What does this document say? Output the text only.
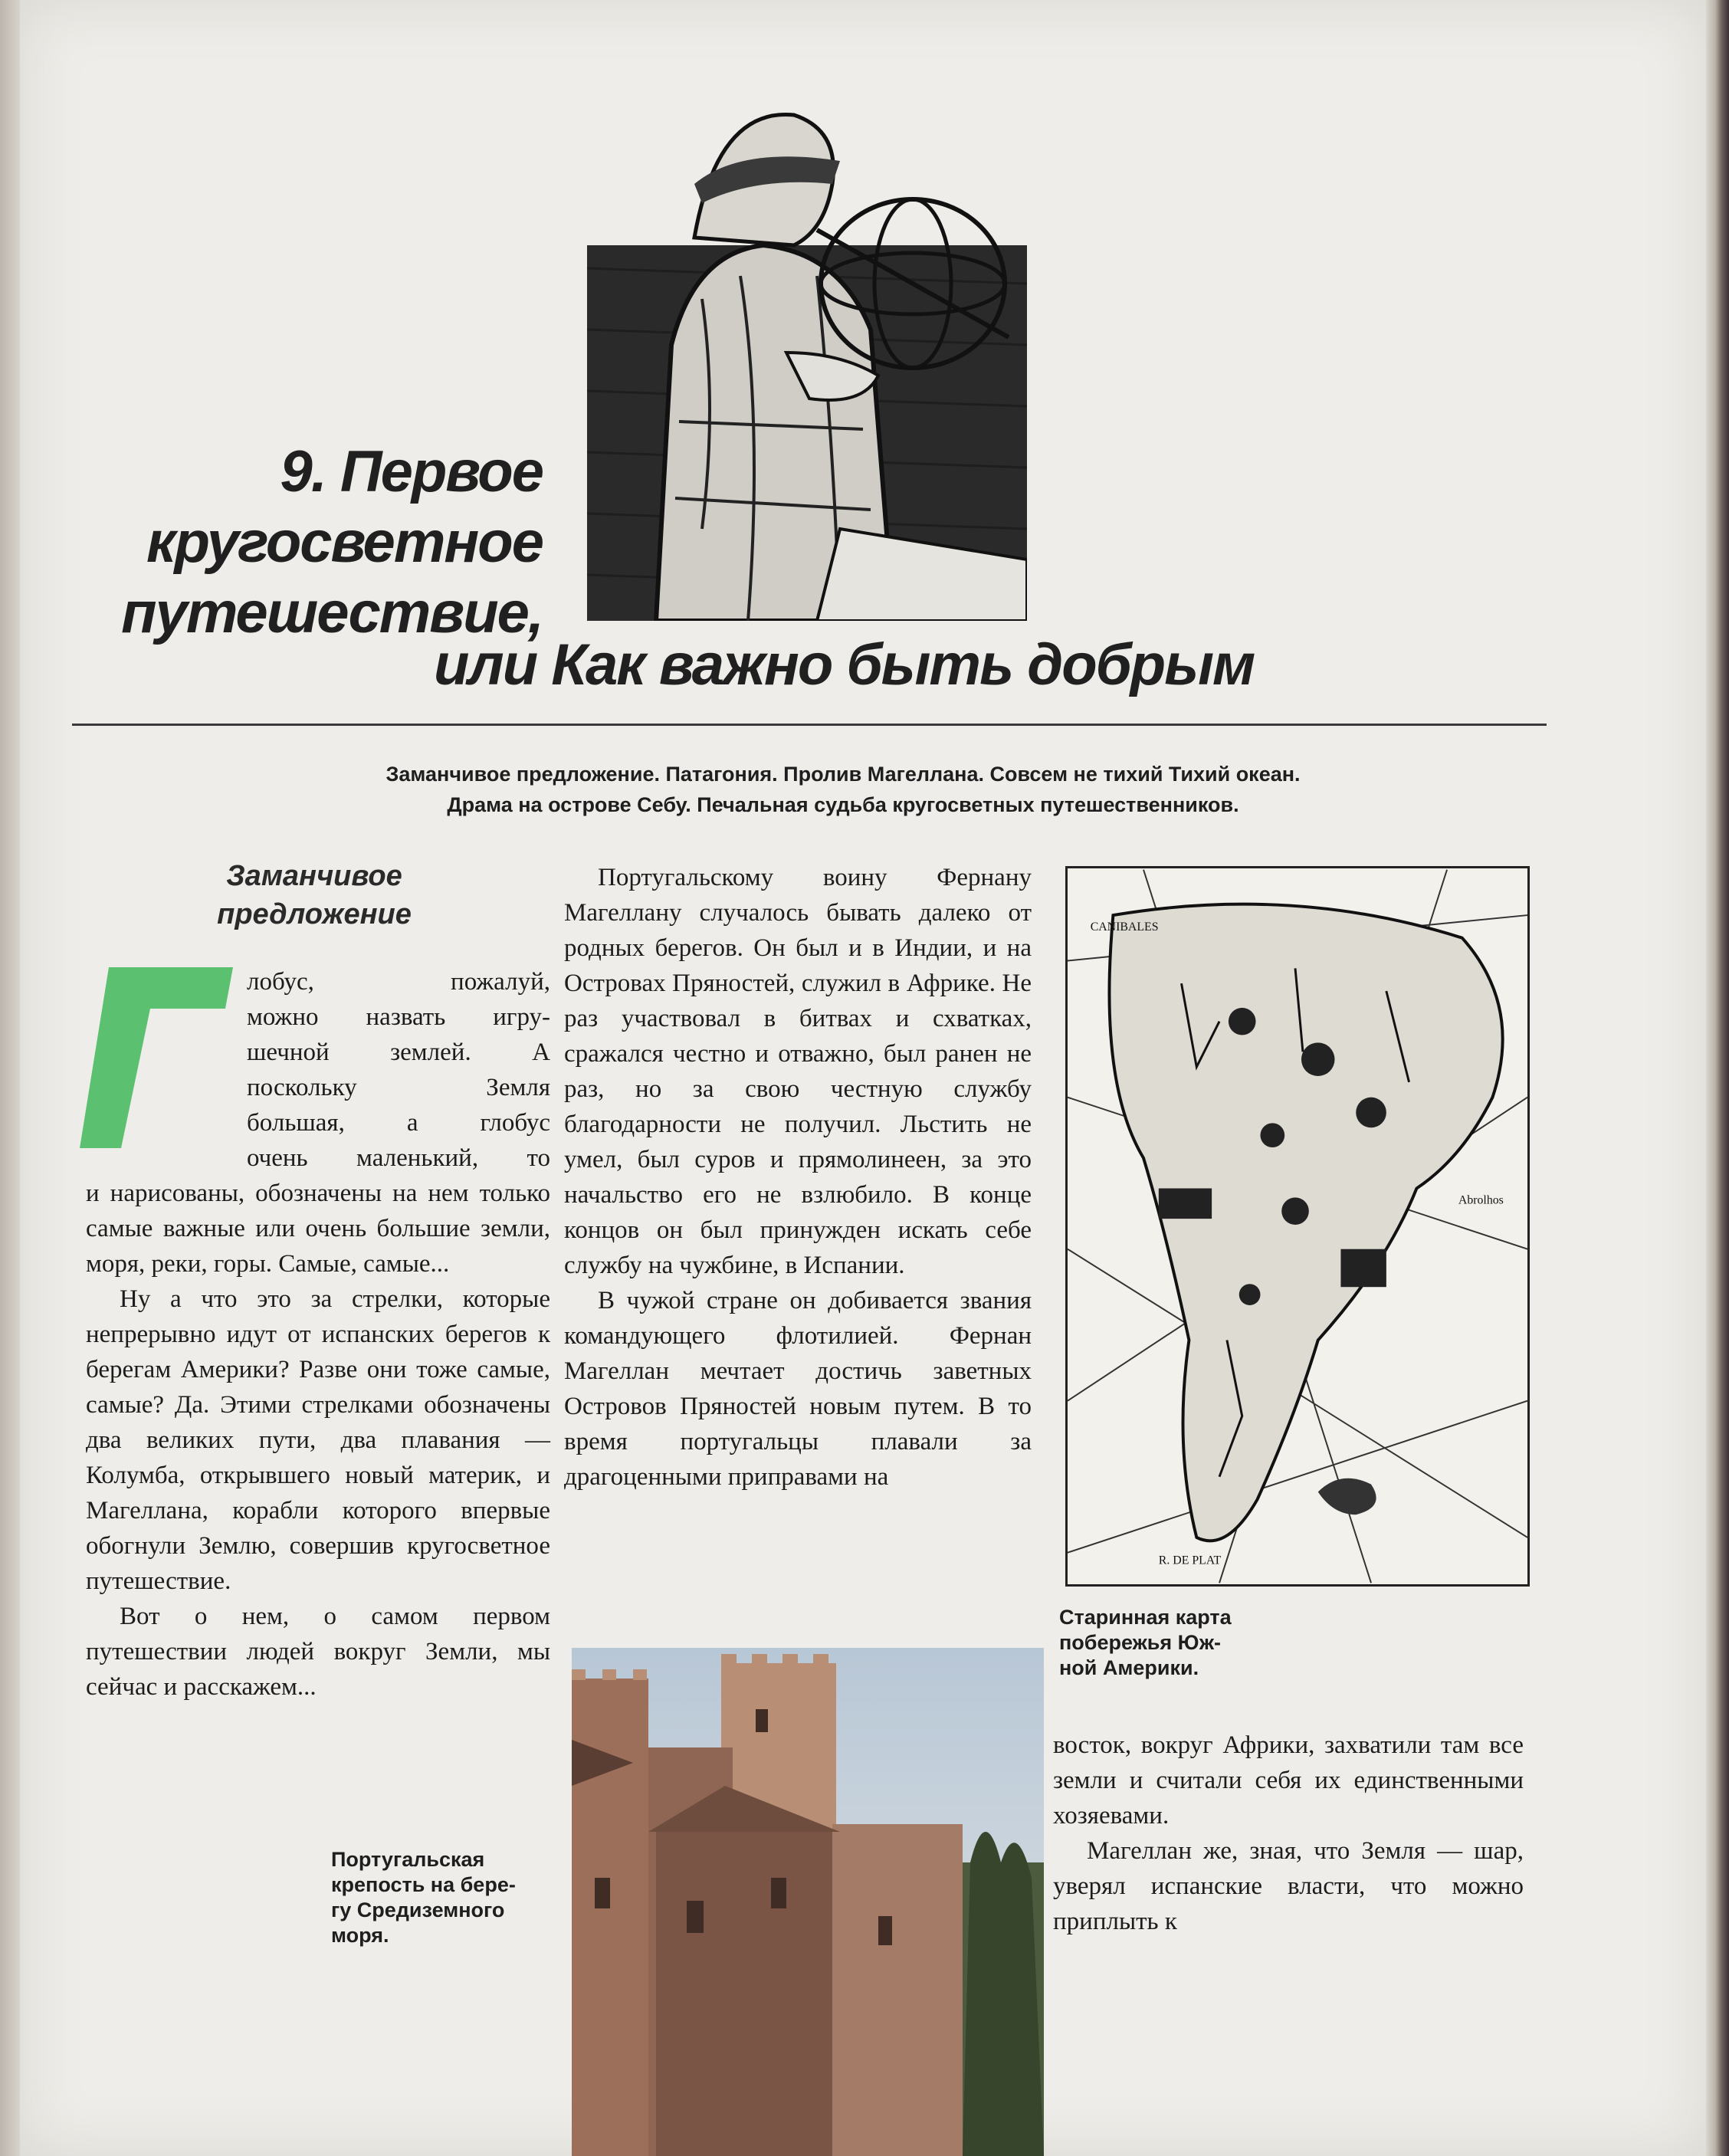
9. Первое
кругосветное
путешествие,
или Как важно быть добрым
Заманчивое предложение. Патагония. Пролив Магеллана. Совсем не тихий Тихий океан.
Драма на острове Себу. Печальная судьба кругосветных путешественников.
Заманчивое
предложение
лобус, пожалуй,
можно назвать игру-
шечной землей. А
поскольку Земля
большая, а глобус
очень маленький, то

и нарисованы, обозначены на нем только самые важные или очень большие земли, моря, реки, горы. Самые, самые...

Ну а что это за стрелки, которые непрерывно идут от испанских берегов к берегам Америки? Разве они тоже самые, самые? Да. Этими стрелками обозначены два великих пути, два плавания — Колумба, открывшего новый материк, и Магеллана, корабли которого впервые обогнули Землю, совершив кругосветное путешествие.

Вот о нем, о самом первом путешествии людей вокруг Земли, мы сейчас и расскажем...

Португальскому воину Фернану Магеллану случалось бывать далеко от родных берегов. Он был и в Индии, и на Островах Пряностей, служил в Африке. Не раз участвовал в битвах и схватках, сражался честно и отважно, был ранен не раз, но за свою честную службу благодарности не получил. Льстить не умел, был суров и прямолинеен, за это начальство его не взлюбило. В конце концов он был принужден искать себе службу на чужбине, в Испании.

В чужой стране он добивается звания командующего флотилией. Фернан Магеллан мечтает достичь заветных Островов Пряностей новым путем. В то время португальцы плавали за драгоценными приправами на

CANIBALES
Abrolhos
R. DE PLAT
Старинная карта
побережья Юж-
ной Америки.
Португальская
крепость на бере-
гу Средиземного
моря.

восток, вокруг Африки, захватили там все земли и считали себя их единственными хозяевами.

Магеллан же, зная, что Земля — шар, уверял испанские власти, что можно приплыть к
